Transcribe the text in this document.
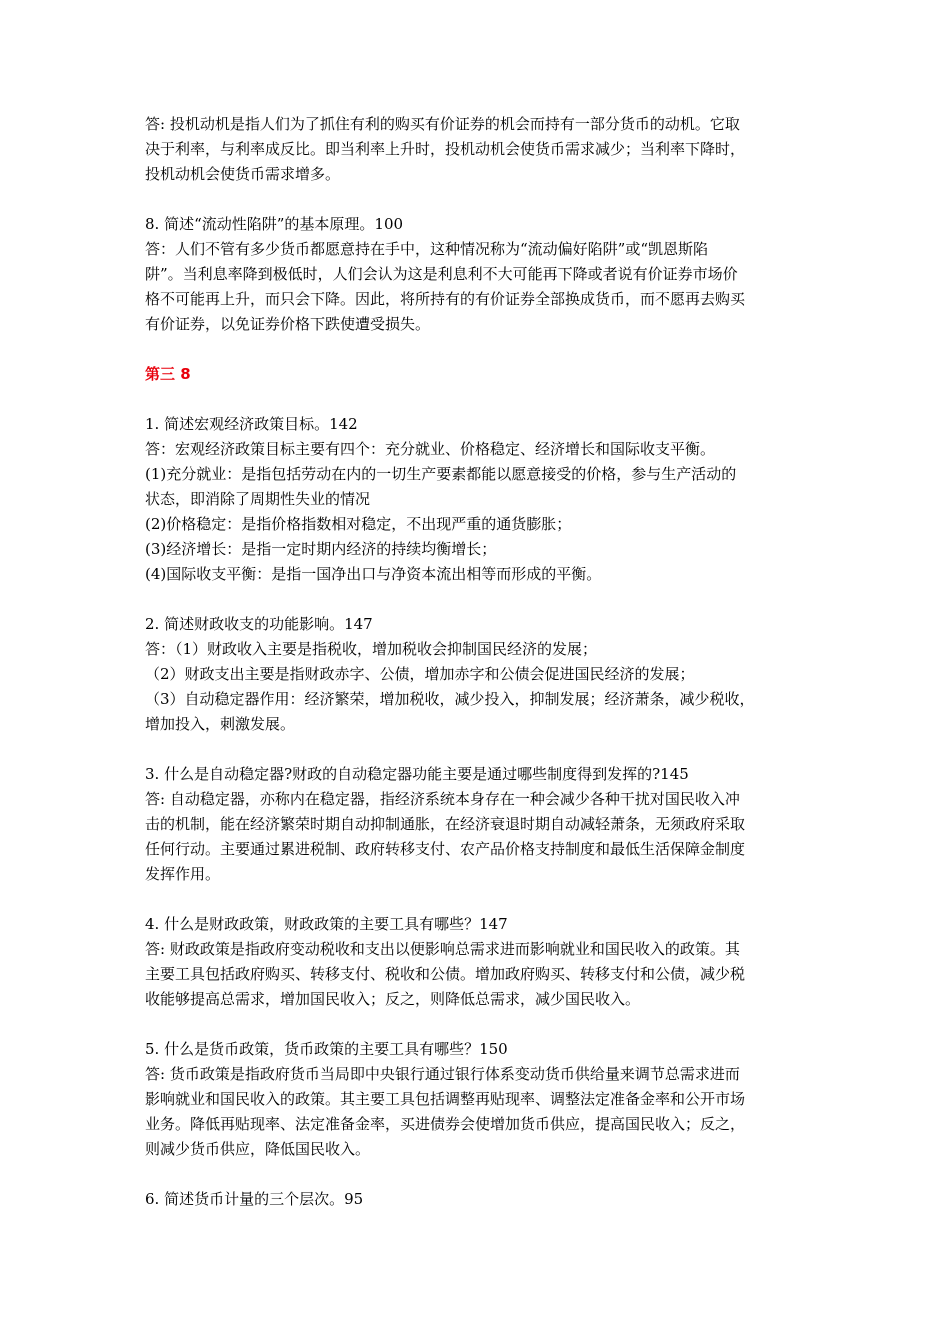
答: 投机动机是指人们为了抓住有利的购买有价证券的机会而持有一部分货币的动机。它取
决于利率，与利率成反比。即当利率上升时，投机动机会使货币需求减少；当利率下降时，
投机动机会使货币需求增多。

8. 简述“流动性陷阱”的基本原理。100
答：人们不管有多少货币都愿意持在手中，这种情况称为“流动偏好陷阱”或“凯恩斯陷
阱”。当利息率降到极低时，人们会认为这是利息利不大可能再下降或者说有价证券市场价
格不可能再上升，而只会下降。因此，将所持有的有价证券全部换成货币，而不愿再去购买
有价证券，以免证券价格下跌使遭受损失。

第三 8

1. 简述宏观经济政策目标。142
答：宏观经济政策目标主要有四个：充分就业、价格稳定、经济增长和国际收支平衡。
(1)充分就业：是指包括劳动在内的一切生产要素都能以愿意接受的价格，参与生产活动的
状态，即消除了周期性失业的情况
(2)价格稳定：是指价格指数相对稳定，不出现严重的通货膨胀；
(3)经济增长：是指一定时期内经济的持续均衡增长；
(4)国际收支平衡：是指一国净出口与净资本流出相等而形成的平衡。

2. 简述财政收支的功能影响。147
答：（1）财政收入主要是指税收，增加税收会抑制国民经济的发展；
（2）财政支出主要是指财政赤字、公债，增加赤字和公债会促进国民经济的发展；
（3）自动稳定器作用：经济繁荣，增加税收，减少投入，抑制发展；经济萧条，减少税收，
增加投入，刺激发展。

3. 什么是自动稳定器?财政的自动稳定器功能主要是通过哪些制度得到发挥的?145
答: 自动稳定器，亦称内在稳定器，指经济系统本身存在一种会减少各种干扰对国民收入冲
击的机制，能在经济繁荣时期自动抑制通胀，在经济衰退时期自动减轻萧条，无须政府采取
任何行动。主要通过累进税制、政府转移支付、农产品价格支持制度和最低生活保障金制度
发挥作用。

4. 什么是财政政策，财政政策的主要工具有哪些？147
答: 财政政策是指政府变动税收和支出以便影响总需求进而影响就业和国民收入的政策。其
主要工具包括政府购买、转移支付、税收和公债。增加政府购买、转移支付和公债，减少税
收能够提高总需求，增加国民收入；反之，则降低总需求，减少国民收入。

5. 什么是货币政策，货币政策的主要工具有哪些？150
答: 货币政策是指政府货币当局即中央银行通过银行体系变动货币供给量来调节总需求进而
影响就业和国民收入的政策。其主要工具包括调整再贴现率、调整法定准备金率和公开市场
业务。降低再贴现率、法定准备金率，买进债券会使增加货币供应，提高国民收入；反之，
则减少货币供应，降低国民收入。

6. 简述货币计量的三个层次。95
